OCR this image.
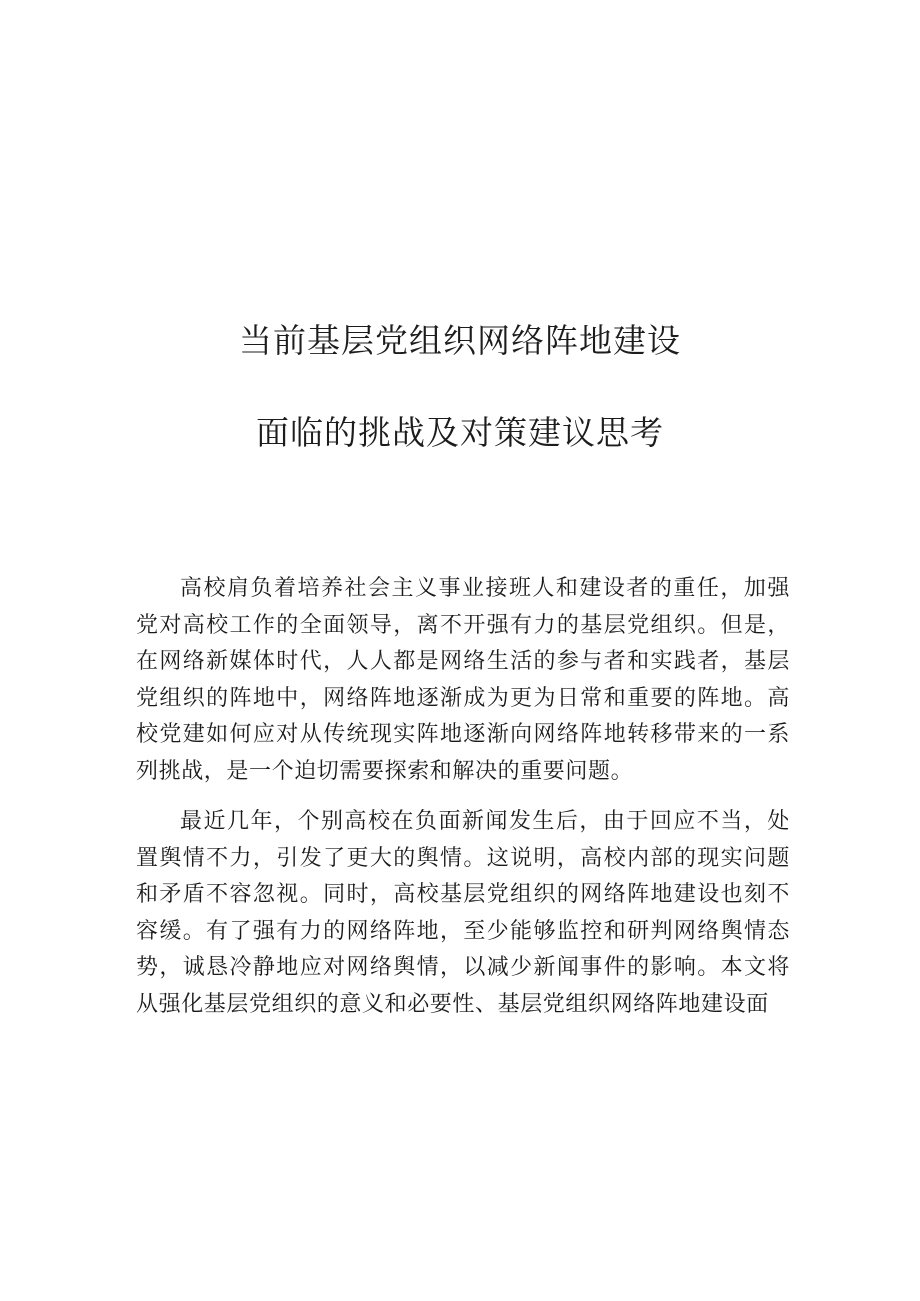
当前基层党组织网络阵地建设
面临的挑战及对策建议思考

高校肩负着培养社会主义事业接班人和建设者的重任，加强党对高校工作的全面领导，离不开强有力的基层党组织。但是，在网络新媒体时代，人人都是网络生活的参与者和实践者，基层党组织的阵地中，网络阵地逐渐成为更为日常和重要的阵地。高校党建如何应对从传统现实阵地逐渐向网络阵地转移带来的一系列挑战，是一个迫切需要探索和解决的重要问题。

最近几年，个别高校在负面新闻发生后，由于回应不当，处置舆情不力，引发了更大的舆情。这说明，高校内部的现实问题和矛盾不容忽视。同时，高校基层党组织的网络阵地建设也刻不容缓。有了强有力的网络阵地，至少能够监控和研判网络舆情态势，诚恳冷静地应对网络舆情，以减少新闻事件的影响。本文将从强化基层党组织的意义和必要性、基层党组织网络阵地建设面
